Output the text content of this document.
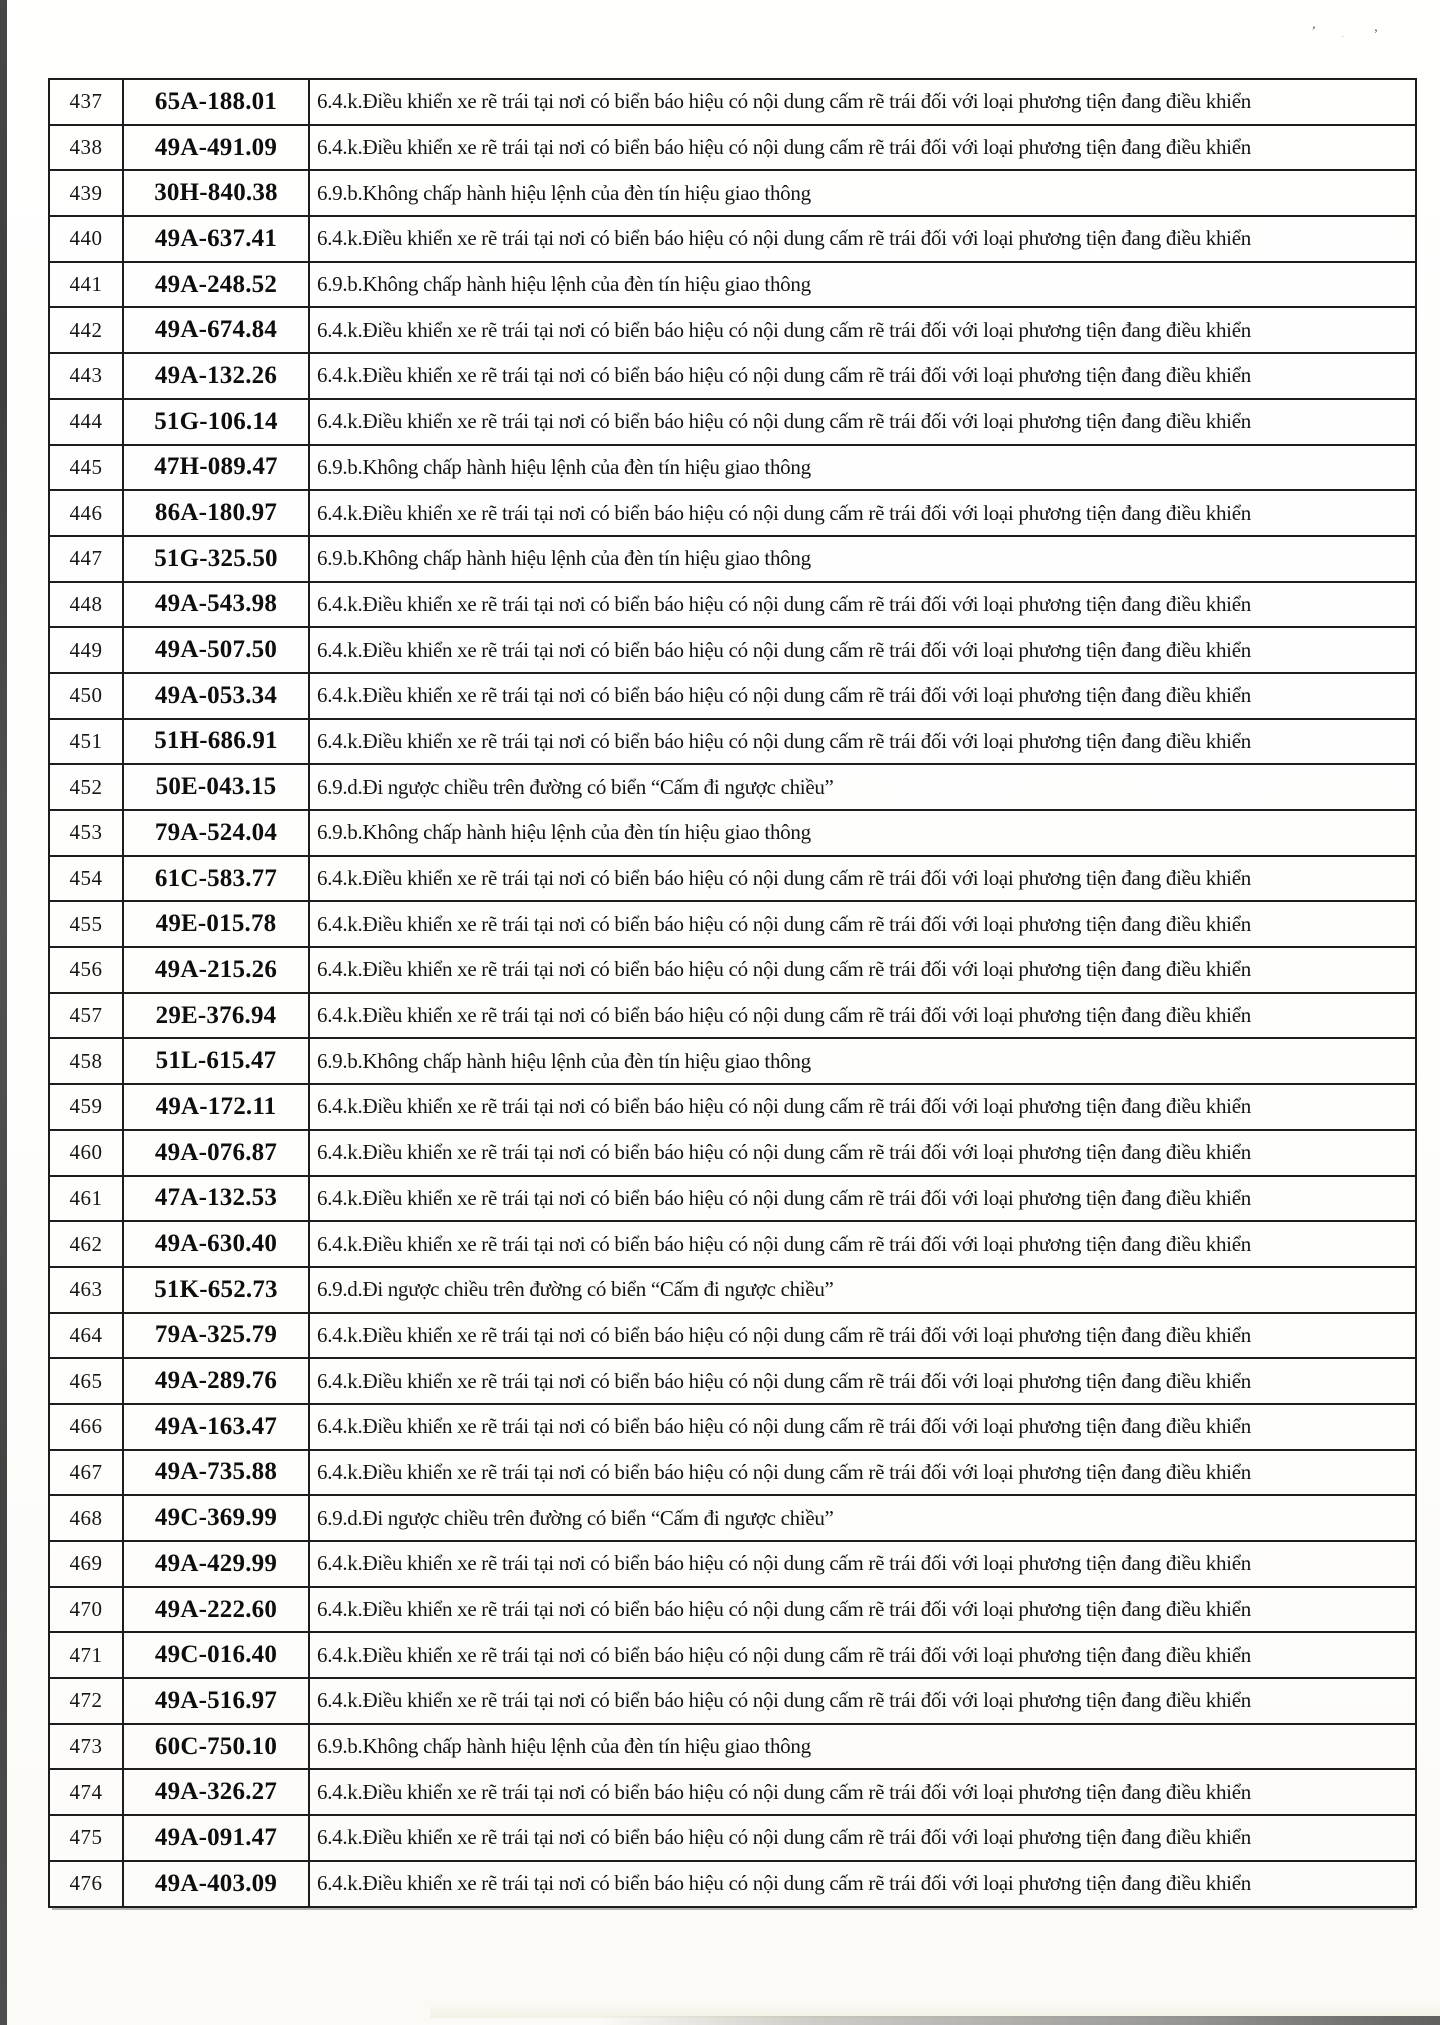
’	’
·
437	65A-188.01	6.4.k.Điều khiển xe rẽ trái tại nơi có biển báo hiệu có nội dung cấm rẽ trái đối với loại phương tiện đang điều khiển
438	49A-491.09	6.4.k.Điều khiển xe rẽ trái tại nơi có biển báo hiệu có nội dung cấm rẽ trái đối với loại phương tiện đang điều khiển
439	30H-840.38	6.9.b.Không chấp hành hiệu lệnh của đèn tín hiệu giao thông
440	49A-637.41	6.4.k.Điều khiển xe rẽ trái tại nơi có biển báo hiệu có nội dung cấm rẽ trái đối với loại phương tiện đang điều khiển
441	49A-248.52	6.9.b.Không chấp hành hiệu lệnh của đèn tín hiệu giao thông
442	49A-674.84	6.4.k.Điều khiển xe rẽ trái tại nơi có biển báo hiệu có nội dung cấm rẽ trái đối với loại phương tiện đang điều khiển
443	49A-132.26	6.4.k.Điều khiển xe rẽ trái tại nơi có biển báo hiệu có nội dung cấm rẽ trái đối với loại phương tiện đang điều khiển
444	51G-106.14	6.4.k.Điều khiển xe rẽ trái tại nơi có biển báo hiệu có nội dung cấm rẽ trái đối với loại phương tiện đang điều khiển
445	47H-089.47	6.9.b.Không chấp hành hiệu lệnh của đèn tín hiệu giao thông
446	86A-180.97	6.4.k.Điều khiển xe rẽ trái tại nơi có biển báo hiệu có nội dung cấm rẽ trái đối với loại phương tiện đang điều khiển
447	51G-325.50	6.9.b.Không chấp hành hiệu lệnh của đèn tín hiệu giao thông
448	49A-543.98	6.4.k.Điều khiển xe rẽ trái tại nơi có biển báo hiệu có nội dung cấm rẽ trái đối với loại phương tiện đang điều khiển
449	49A-507.50	6.4.k.Điều khiển xe rẽ trái tại nơi có biển báo hiệu có nội dung cấm rẽ trái đối với loại phương tiện đang điều khiển
450	49A-053.34	6.4.k.Điều khiển xe rẽ trái tại nơi có biển báo hiệu có nội dung cấm rẽ trái đối với loại phương tiện đang điều khiển
451	51H-686.91	6.4.k.Điều khiển xe rẽ trái tại nơi có biển báo hiệu có nội dung cấm rẽ trái đối với loại phương tiện đang điều khiển
452	50E-043.15	6.9.d.Đi ngược chiều trên đường có biển “Cấm đi ngược chiều”
453	79A-524.04	6.9.b.Không chấp hành hiệu lệnh của đèn tín hiệu giao thông
454	61C-583.77	6.4.k.Điều khiển xe rẽ trái tại nơi có biển báo hiệu có nội dung cấm rẽ trái đối với loại phương tiện đang điều khiển
455	49E-015.78	6.4.k.Điều khiển xe rẽ trái tại nơi có biển báo hiệu có nội dung cấm rẽ trái đối với loại phương tiện đang điều khiển
456	49A-215.26	6.4.k.Điều khiển xe rẽ trái tại nơi có biển báo hiệu có nội dung cấm rẽ trái đối với loại phương tiện đang điều khiển
457	29E-376.94	6.4.k.Điều khiển xe rẽ trái tại nơi có biển báo hiệu có nội dung cấm rẽ trái đối với loại phương tiện đang điều khiển
458	51L-615.47	6.9.b.Không chấp hành hiệu lệnh của đèn tín hiệu giao thông
459	49A-172.11	6.4.k.Điều khiển xe rẽ trái tại nơi có biển báo hiệu có nội dung cấm rẽ trái đối với loại phương tiện đang điều khiển
460	49A-076.87	6.4.k.Điều khiển xe rẽ trái tại nơi có biển báo hiệu có nội dung cấm rẽ trái đối với loại phương tiện đang điều khiển
461	47A-132.53	6.4.k.Điều khiển xe rẽ trái tại nơi có biển báo hiệu có nội dung cấm rẽ trái đối với loại phương tiện đang điều khiển
462	49A-630.40	6.4.k.Điều khiển xe rẽ trái tại nơi có biển báo hiệu có nội dung cấm rẽ trái đối với loại phương tiện đang điều khiển
463	51K-652.73	6.9.d.Đi ngược chiều trên đường có biển “Cấm đi ngược chiều”
464	79A-325.79	6.4.k.Điều khiển xe rẽ trái tại nơi có biển báo hiệu có nội dung cấm rẽ trái đối với loại phương tiện đang điều khiển
465	49A-289.76	6.4.k.Điều khiển xe rẽ trái tại nơi có biển báo hiệu có nội dung cấm rẽ trái đối với loại phương tiện đang điều khiển
466	49A-163.47	6.4.k.Điều khiển xe rẽ trái tại nơi có biển báo hiệu có nội dung cấm rẽ trái đối với loại phương tiện đang điều khiển
467	49A-735.88	6.4.k.Điều khiển xe rẽ trái tại nơi có biển báo hiệu có nội dung cấm rẽ trái đối với loại phương tiện đang điều khiển
468	49C-369.99	6.9.d.Đi ngược chiều trên đường có biển “Cấm đi ngược chiều”
469	49A-429.99	6.4.k.Điều khiển xe rẽ trái tại nơi có biển báo hiệu có nội dung cấm rẽ trái đối với loại phương tiện đang điều khiển
470	49A-222.60	6.4.k.Điều khiển xe rẽ trái tại nơi có biển báo hiệu có nội dung cấm rẽ trái đối với loại phương tiện đang điều khiển
471	49C-016.40	6.4.k.Điều khiển xe rẽ trái tại nơi có biển báo hiệu có nội dung cấm rẽ trái đối với loại phương tiện đang điều khiển
472	49A-516.97	6.4.k.Điều khiển xe rẽ trái tại nơi có biển báo hiệu có nội dung cấm rẽ trái đối với loại phương tiện đang điều khiển
473	60C-750.10	6.9.b.Không chấp hành hiệu lệnh của đèn tín hiệu giao thông
474	49A-326.27	6.4.k.Điều khiển xe rẽ trái tại nơi có biển báo hiệu có nội dung cấm rẽ trái đối với loại phương tiện đang điều khiển
475	49A-091.47	6.4.k.Điều khiển xe rẽ trái tại nơi có biển báo hiệu có nội dung cấm rẽ trái đối với loại phương tiện đang điều khiển
476	49A-403.09	6.4.k.Điều khiển xe rẽ trái tại nơi có biển báo hiệu có nội dung cấm rẽ trái đối với loại phương tiện đang điều khiển
